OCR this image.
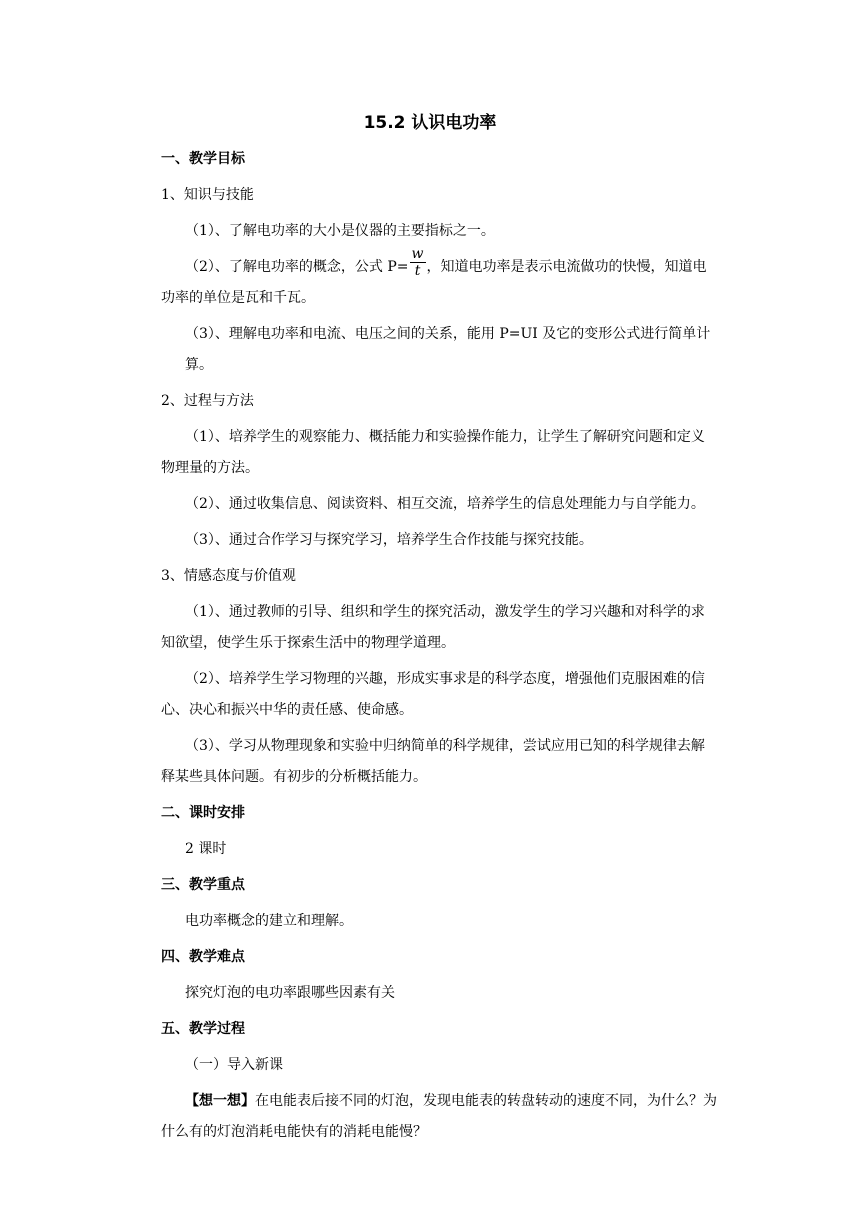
15.2 认识电功率

一、教学目标

1、知识与技能

（1）、了解电功率的大小是仪器的主要指标之一。

（2）、了解电功率的概念，公式 $P= \frac{w}{t}$ ，知道电功率是表示电流做功的快慢，知道电
功率的单位是瓦和千瓦。

（3）、理解电功率和电流、电压之间的关系，能用 P=UI 及它的变形公式进行简单计算。

2、过程与方法

（1）、培养学生的观察能力、概括能力和实验操作能力，让学生了解研究问题和定义
物理量的方法。

（2）、通过收集信息、阅读资料、相互交流，培养学生的信息处理能力与自学能力。

（3）、通过合作学习与探究学习，培养学生合作技能与探究技能。

3、情感态度与价值观

（1）、通过教师的引导、组织和学生的探究活动，激发学生的学习兴趣和对科学的求
知欲望，使学生乐于探索生活中的物理学道理。

（2）、培养学生学习物理的兴趣，形成实事求是的科学态度，增强他们克服困难的信
心、决心和振兴中华的责任感、使命感。

（3）、学习从物理现象和实验中归纳简单的科学规律，尝试应用已知的科学规律去解
释某些具体问题。有初步的分析概括能力。

二、课时安排

2 课时

三、教学重点

电功率概念的建立和理解。

四、教学难点

探究灯泡的电功率跟哪些因素有关

五、教学过程

（一）导入新课

【想一想】在电能表后接不同的灯泡，发现电能表的转盘转动的速度不同，为什么？为
什么有的灯泡消耗电能快有的消耗电能慢？
